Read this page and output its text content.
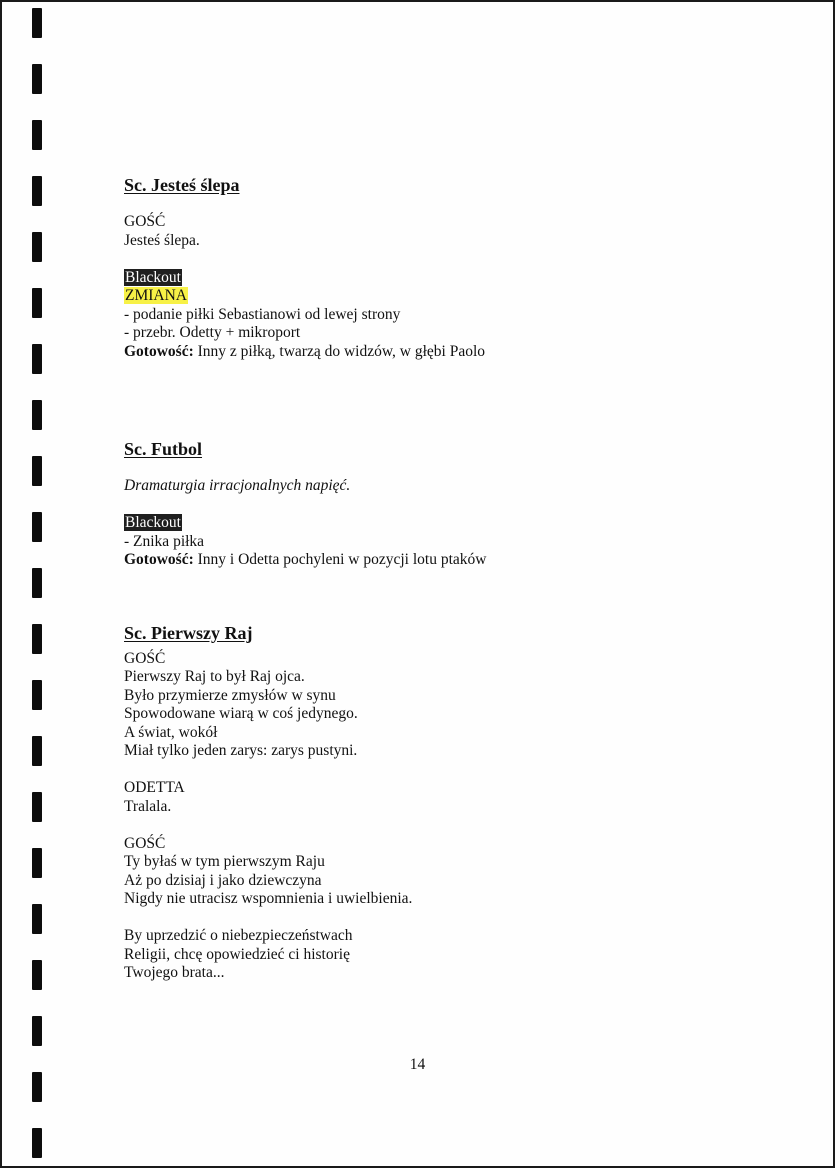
Sc. Jesteś ślepa
GOŚĆ
Jesteś ślepa.
Blackout
ZMIANA
- podanie piłki Sebastianowi od lewej strony
- przebr. Odetty + mikroport
Gotowość: Inny z piłką, twarzą do widzów, w głębi Paolo
Sc. Futbol
Dramaturgia irracjonalnych napięć.
Blackout
- Znika piłka
Gotowość: Inny i Odetta pochyleni w pozycji lotu ptaków
Sc. Pierwszy Raj
GOŚĆ
Pierwszy Raj to był Raj ojca.
Było przymierze zmysłów w synu
Spowodowane wiarą w coś jedynego.
A świat, wokół
Miał tylko jeden zarys: zarys pustyni.
ODETTA
Tralala.
GOŚĆ
Ty byłaś w tym pierwszym Raju
Aż po dzisiaj i jako dziewczyna
Nigdy nie utracisz wspomnienia i uwielbienia.
By uprzedzić o niebezpieczeństwach
Religii, chcę opowiedzieć ci historię
Twojego brata...
14
